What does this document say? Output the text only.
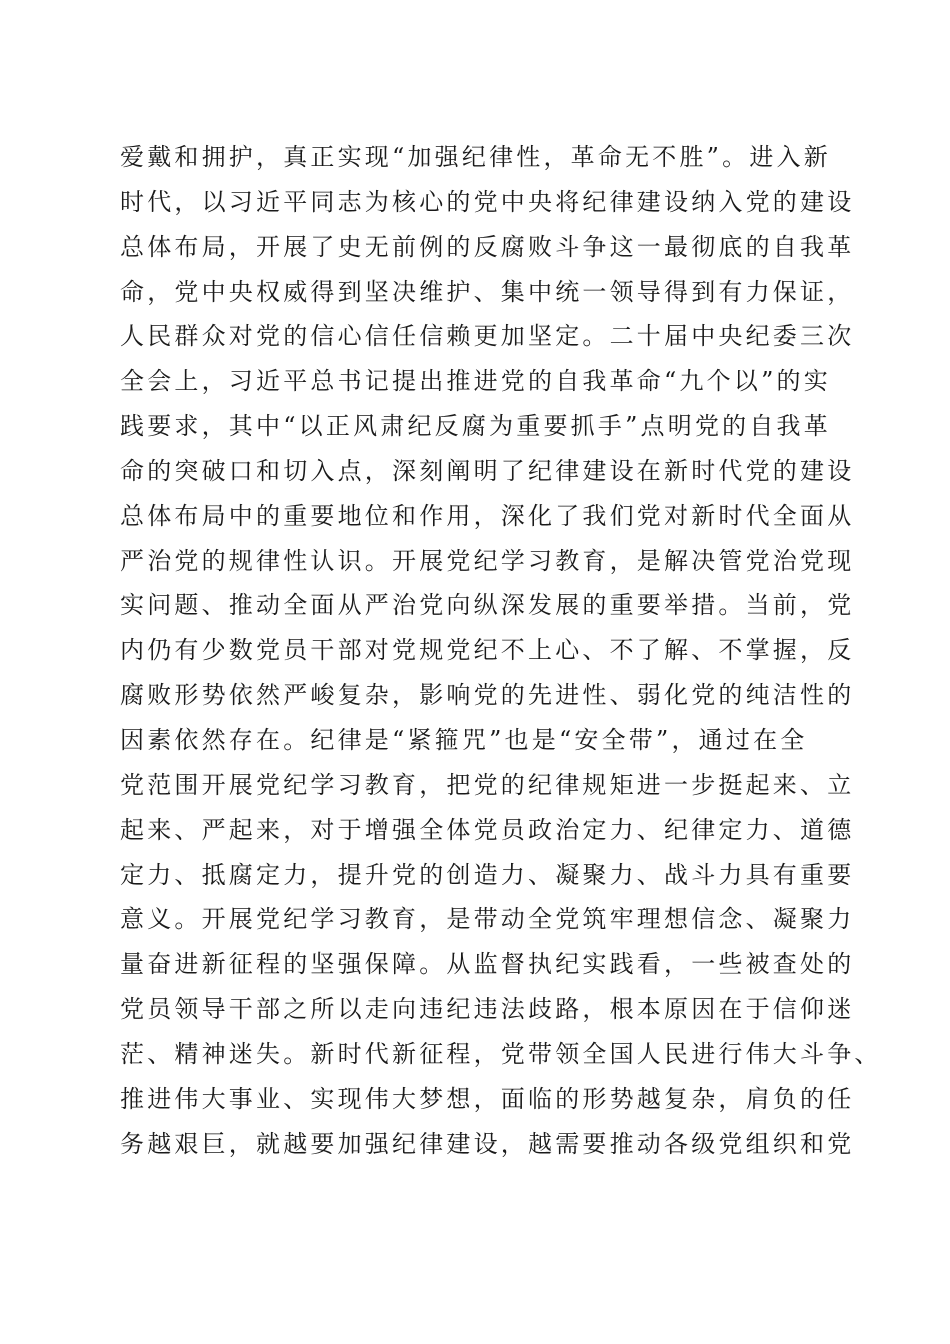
爱戴和拥护，真正实现“加强纪律性，革命无不胜”。进入新
时代，以习近平同志为核心的党中央将纪律建设纳入党的建设
总体布局，开展了史无前例的反腐败斗争这一最彻底的自我革
命，党中央权威得到坚决维护、集中统一领导得到有力保证，
人民群众对党的信心信任信赖更加坚定。二十届中央纪委三次
全会上，习近平总书记提出推进党的自我革命“九个以”的实
践要求，其中“以正风肃纪反腐为重要抓手”点明党的自我革
命的突破口和切入点，深刻阐明了纪律建设在新时代党的建设
总体布局中的重要地位和作用，深化了我们党对新时代全面从
严治党的规律性认识。开展党纪学习教育，是解决管党治党现
实问题、推动全面从严治党向纵深发展的重要举措。当前，党
内仍有少数党员干部对党规党纪不上心、不了解、不掌握，反
腐败形势依然严峻复杂，影响党的先进性、弱化党的纯洁性的
因素依然存在。纪律是“紧箍咒”也是“安全带”，通过在全
党范围开展党纪学习教育，把党的纪律规矩进一步挺起来、立
起来、严起来，对于增强全体党员政治定力、纪律定力、道德
定力、抵腐定力，提升党的创造力、凝聚力、战斗力具有重要
意义。开展党纪学习教育，是带动全党筑牢理想信念、凝聚力
量奋进新征程的坚强保障。从监督执纪实践看，一些被查处的
党员领导干部之所以走向违纪违法歧路，根本原因在于信仰迷
茫、精神迷失。新时代新征程，党带领全国人民进行伟大斗争、
推进伟大事业、实现伟大梦想，面临的形势越复杂，肩负的任
务越艰巨，就越要加强纪律建设，越需要推动各级党组织和党
